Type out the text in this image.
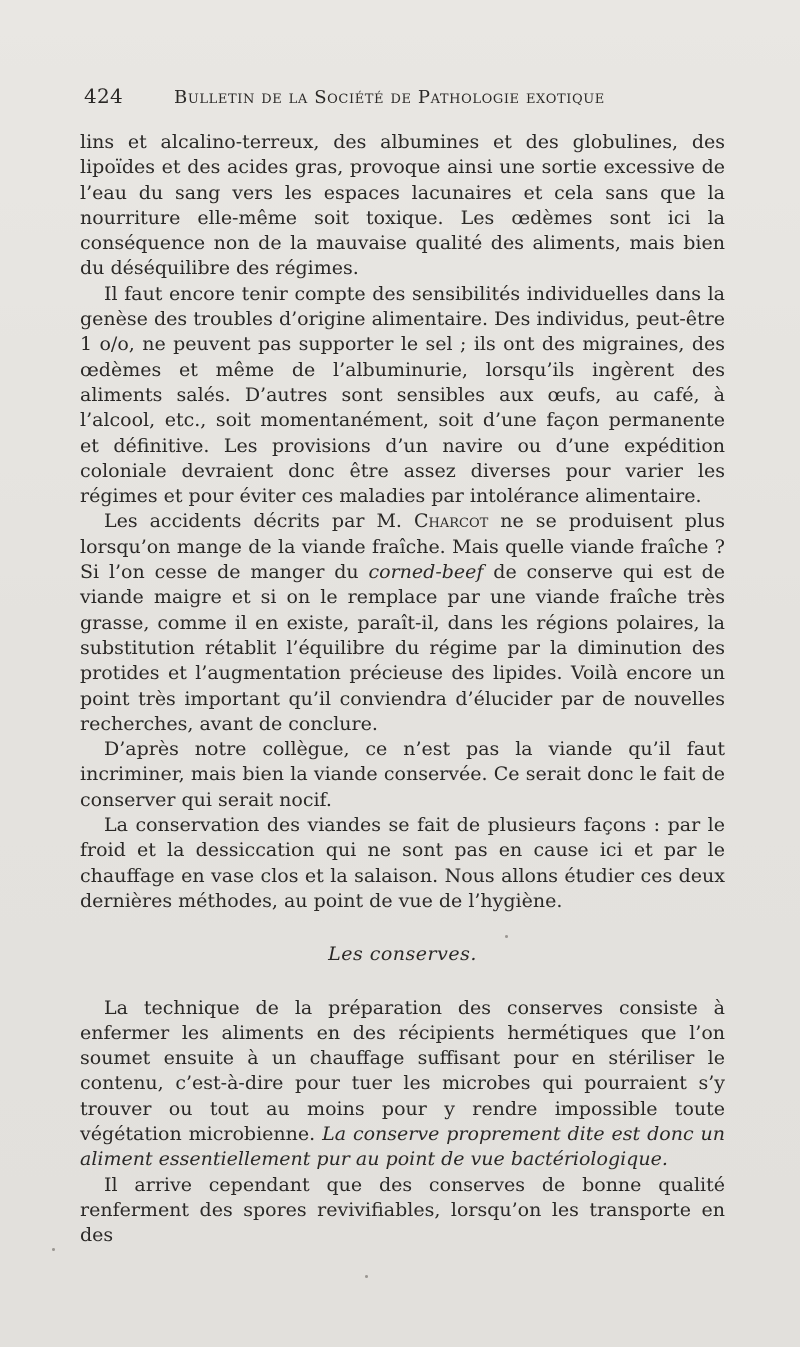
424	Bulletin de la Société de Pathologie exotique

lins et alcalino-terreux, des albumines et des globulines, des lipoïdes et des acides gras, provoque ainsi une sortie excessive de l’eau du sang vers les espaces lacunaires et cela sans que la nourriture elle-même soit toxique. Les œdèmes sont ici la conséquence non de la mauvaise qualité des aliments, mais bien du déséquilibre des régimes.

Il faut encore tenir compte des sensibilités individuelles dans la genèse des troubles d’origine alimentaire. Des individus, peut-être 1 o/o, ne peuvent pas supporter le sel ; ils ont des migraines, des œdèmes et même de l’albuminurie, lorsqu’ils ingèrent des aliments salés. D’autres sont sensibles aux œufs, au café, à l’alcool, etc., soit momentanément, soit d’une façon permanente et définitive. Les provisions d’un navire ou d’une expédition coloniale devraient donc être assez diverses pour varier les régimes et pour éviter ces maladies par intolérance alimentaire.

Les accidents décrits par M. Charcot ne se produisent plus lorsqu’on mange de la viande fraîche. Mais quelle viande fraîche ? Si l’on cesse de manger du corned-beef de conserve qui est de viande maigre et si on le remplace par une viande fraîche très grasse, comme il en existe, paraît-il, dans les régions polaires, la substitution rétablit l’équilibre du régime par la diminution des protides et l’augmentation précieuse des lipides. Voilà encore un point très important qu’il conviendra d’élucider par de nouvelles recherches, avant de conclure.

D’après notre collègue, ce n’est pas la viande qu’il faut incriminer, mais bien la viande conservée. Ce serait donc le fait de conserver qui serait nocif.

La conservation des viandes se fait de plusieurs façons : par le froid et la dessiccation qui ne sont pas en cause ici et par le chauffage en vase clos et la salaison. Nous allons étudier ces deux dernières méthodes, au point de vue de l’hygiène.

Les conserves.

La technique de la préparation des conserves consiste à enfermer les aliments en des récipients hermétiques que l’on soumet ensuite à un chauffage suffisant pour en stériliser le contenu, c’est-à-dire pour tuer les microbes qui pourraient s’y trouver ou tout au moins pour y rendre impossible toute végétation microbienne. La conserve proprement dite est donc un aliment essentiellement pur au point de vue bactériologique.

Il arrive cependant que des conserves de bonne qualité renferment des spores revivifiables, lorsqu’on les transporte en des
